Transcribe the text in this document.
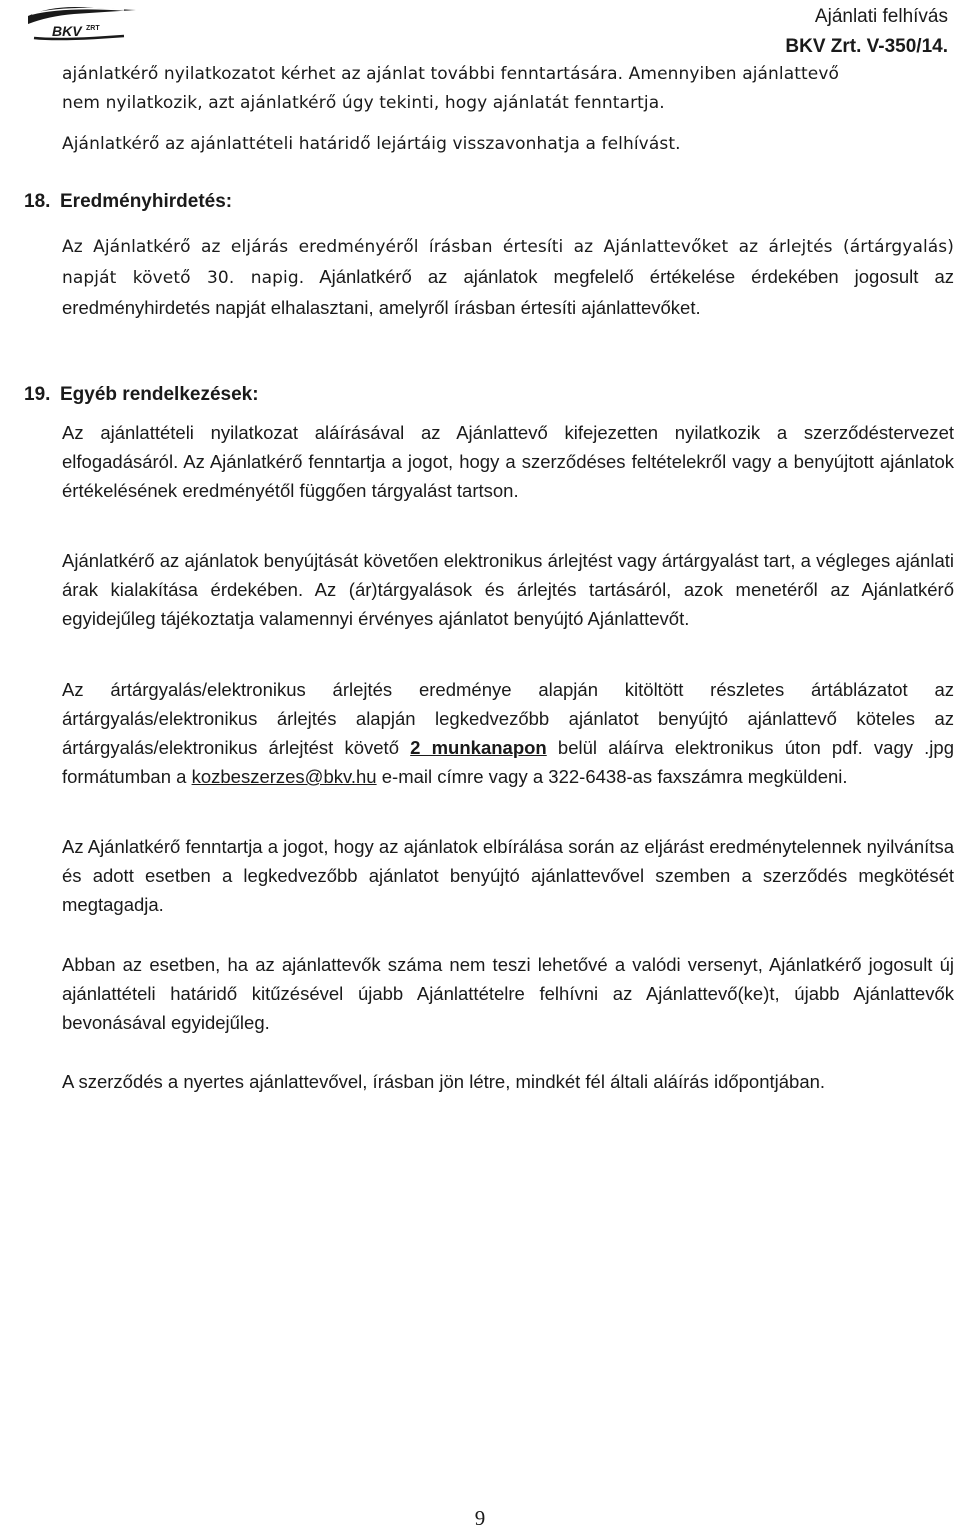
BKV ZRT
Ajánlati felhívás
BKV Zrt. V-350/14.
ajánlatkérő nyilatkozatot kérhet az ajánlat további fenntartására. Amennyiben ajánlattevő
nem nyilatkozik, azt ajánlatkérő úgy tekinti, hogy ajánlatát fenntartja.
Ajánlatkérő az ajánlattételi határidő lejártáig visszavonhatja a felhívást.
18. Eredményhirdetés:
Az Ajánlatkérő az eljárás eredményéről írásban értesíti az Ajánlattevőket az árlejtés (ártárgyalás) napját követő 30. napig. Ajánlatkérő az ajánlatok megfelelő értékelése érdekében jogosult az eredményhirdetés napját elhalasztani, amelyről írásban értesíti ajánlattevőket.
19. Egyéb rendelkezések:
Az ajánlattételi nyilatkozat aláírásával az Ajánlattevő kifejezetten nyilatkozik a szerződéstervezet elfogadásáról. Az Ajánlatkérő fenntartja a jogot, hogy a szerződéses feltételekről vagy a benyújtott ajánlatok értékelésének eredményétől függően tárgyalást tartson.
Ajánlatkérő az ajánlatok benyújtását követően elektronikus árlejtést vagy ártárgyalást tart, a végleges ajánlati árak kialakítása érdekében. Az (ár)tárgyalások és árlejtés tartásáról, azok menetéről az Ajánlatkérő egyidejűleg tájékoztatja valamennyi érvényes ajánlatot benyújtó Ajánlattevőt.
Az ártárgyalás/elektronikus árlejtés eredménye alapján kitöltött részletes ártáblázatot az ártárgyalás/elektronikus árlejtés alapján legkedvezőbb ajánlatot benyújtó ajánlattevő köteles az ártárgyalás/elektronikus árlejtést követő 2 munkanapon belül aláírva elektronikus úton pdf. vagy .jpg formátumban a kozbeszerzes@bkv.hu e-mail címre vagy a 322-6438-as faxszámra megküldeni.
Az Ajánlatkérő fenntartja a jogot, hogy az ajánlatok elbírálása során az eljárást eredménytelennek nyilvánítsa és adott esetben a legkedvezőbb ajánlatot benyújtó ajánlattevővel szemben a szerződés megkötését megtagadja.
Abban az esetben, ha az ajánlattevők száma nem teszi lehetővé a valódi versenyt, Ajánlatkérő jogosult új ajánlattételi határidő kitűzésével újabb Ajánlattételre felhívni az Ajánlattevő(ke)t, újabb Ajánlattevők bevonásával egyidejűleg.
A szerződés a nyertes ajánlattevővel, írásban jön létre, mindkét fél általi aláírás időpontjában.
9
